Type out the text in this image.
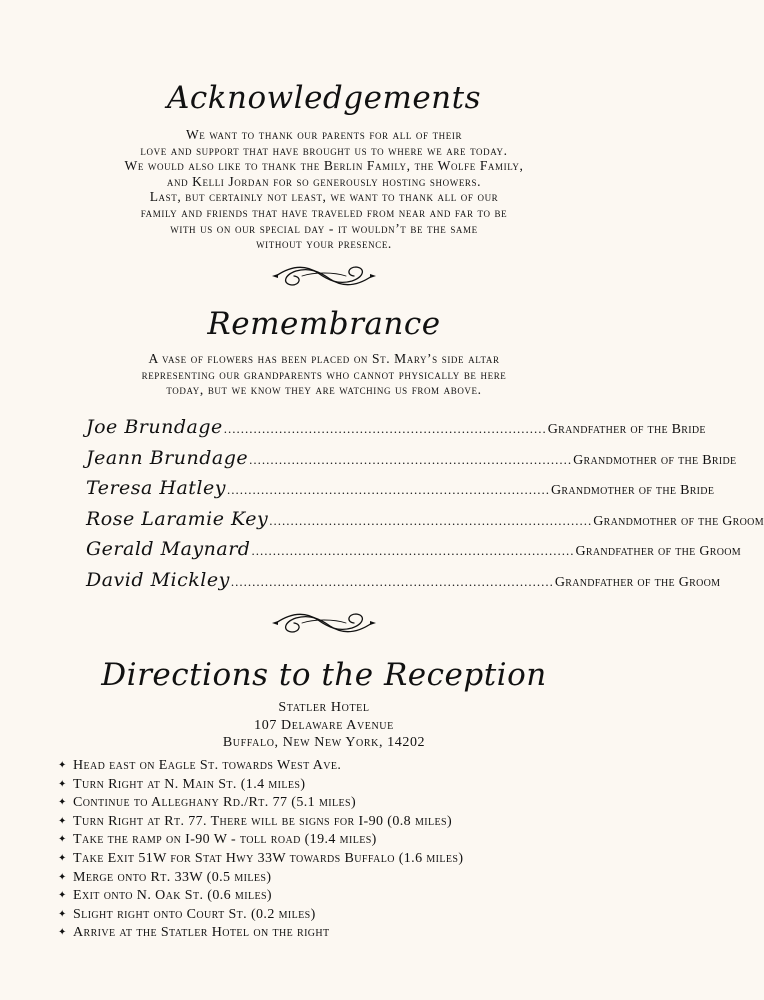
Acknowledgements
We want to thank our parents for all of their
love and support that have brought us to where we are today.
We would also like to thank the Berlin Family, the Wolfe Family,
and Kelli Jordan for so generously hosting showers.
Last, but certainly not least, we want to thank all of our
family and friends that have traveled from near and far to be
with us on our special day - it wouldn’t be the same
without your presence.
Remembrance
A vase of flowers has been placed on St. Mary’s side altar
representing our grandparents who cannot physically be here
today, but we know they are watching us from above.
Joe Brundage ............................................................................ Grandfather of the Bride
Jeann Brundage ............................................................................ Grandmother of the Bride
Teresa Hatley ............................................................................ Grandmother of the Bride
Rose Laramie Key ............................................................................ Grandmother of the Groom
Gerald Maynard ............................................................................ Grandfather of the Groom
David Mickley ............................................................................ Grandfather of the Groom
Directions to the Reception
Statler Hotel
107 Delaware Avenue
Buffalo, New New York, 14202
✦ Head east on Eagle St. towards West Ave.
✦ Turn Right at N. Main St. (1.4 miles)
✦ Continue to Alleghany Rd./Rt. 77 (5.1 miles)
✦ Turn Right at Rt. 77. There will be signs for I-90 (0.8 miles)
✦ Take the ramp on I-90 W - toll road (19.4 miles)
✦ Take Exit 51W for Stat Hwy 33W towards Buffalo (1.6 miles)
✦ Merge onto Rt. 33W (0.5 miles)
✦ Exit onto N. Oak St. (0.6 miles)
✦ Slight right onto Court St. (0.2 miles)
✦ Arrive at the Statler Hotel on the right
